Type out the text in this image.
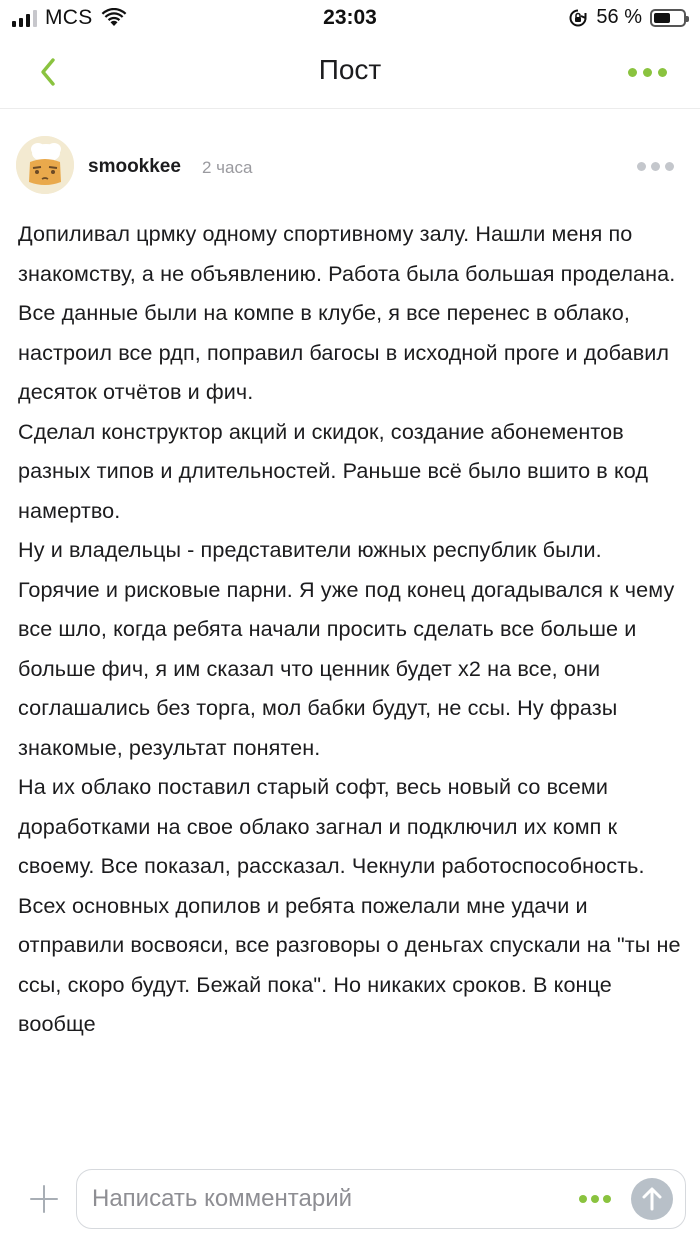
MCS	23:03	56 %
Пост
smookkee 2 часа

Допиливал црмку одному спортивному залу. Нашли меня по знакомству, а не объявлению. Работа была большая проделана. Все данные были на компе в клубе, я все перенес в облако, настроил все рдп, поправил багосы в исходной проге и добавил десяток отчётов и фич.

Сделал конструктор акций и скидок, создание абонементов разных типов и длительностей. Раньше всё было вшито в код намертво.

Ну и владельцы - представители южных республик были. Горячие и рисковые парни. Я уже под конец догадывался к чему все шло, когда ребята начали просить сделать все больше и больше фич, я им сказал что ценник будет х2 на все, они соглашались без торга, мол бабки будут, не ссы. Ну фразы знакомые, результат понятен.

На их облако поставил старый софт, весь новый со всеми доработками на свое облако загнал и подключил их комп к своему. Все показал, рассказал. Чекнули работоспособность. Всех основных допилов и ребята пожелали мне удачи и отправили восвояси, все разговоры о деньгах спускали на "ты не ссы, скоро будут. Бежай пока". Но никаких сроков. В конце вообще

Написать комментарий
